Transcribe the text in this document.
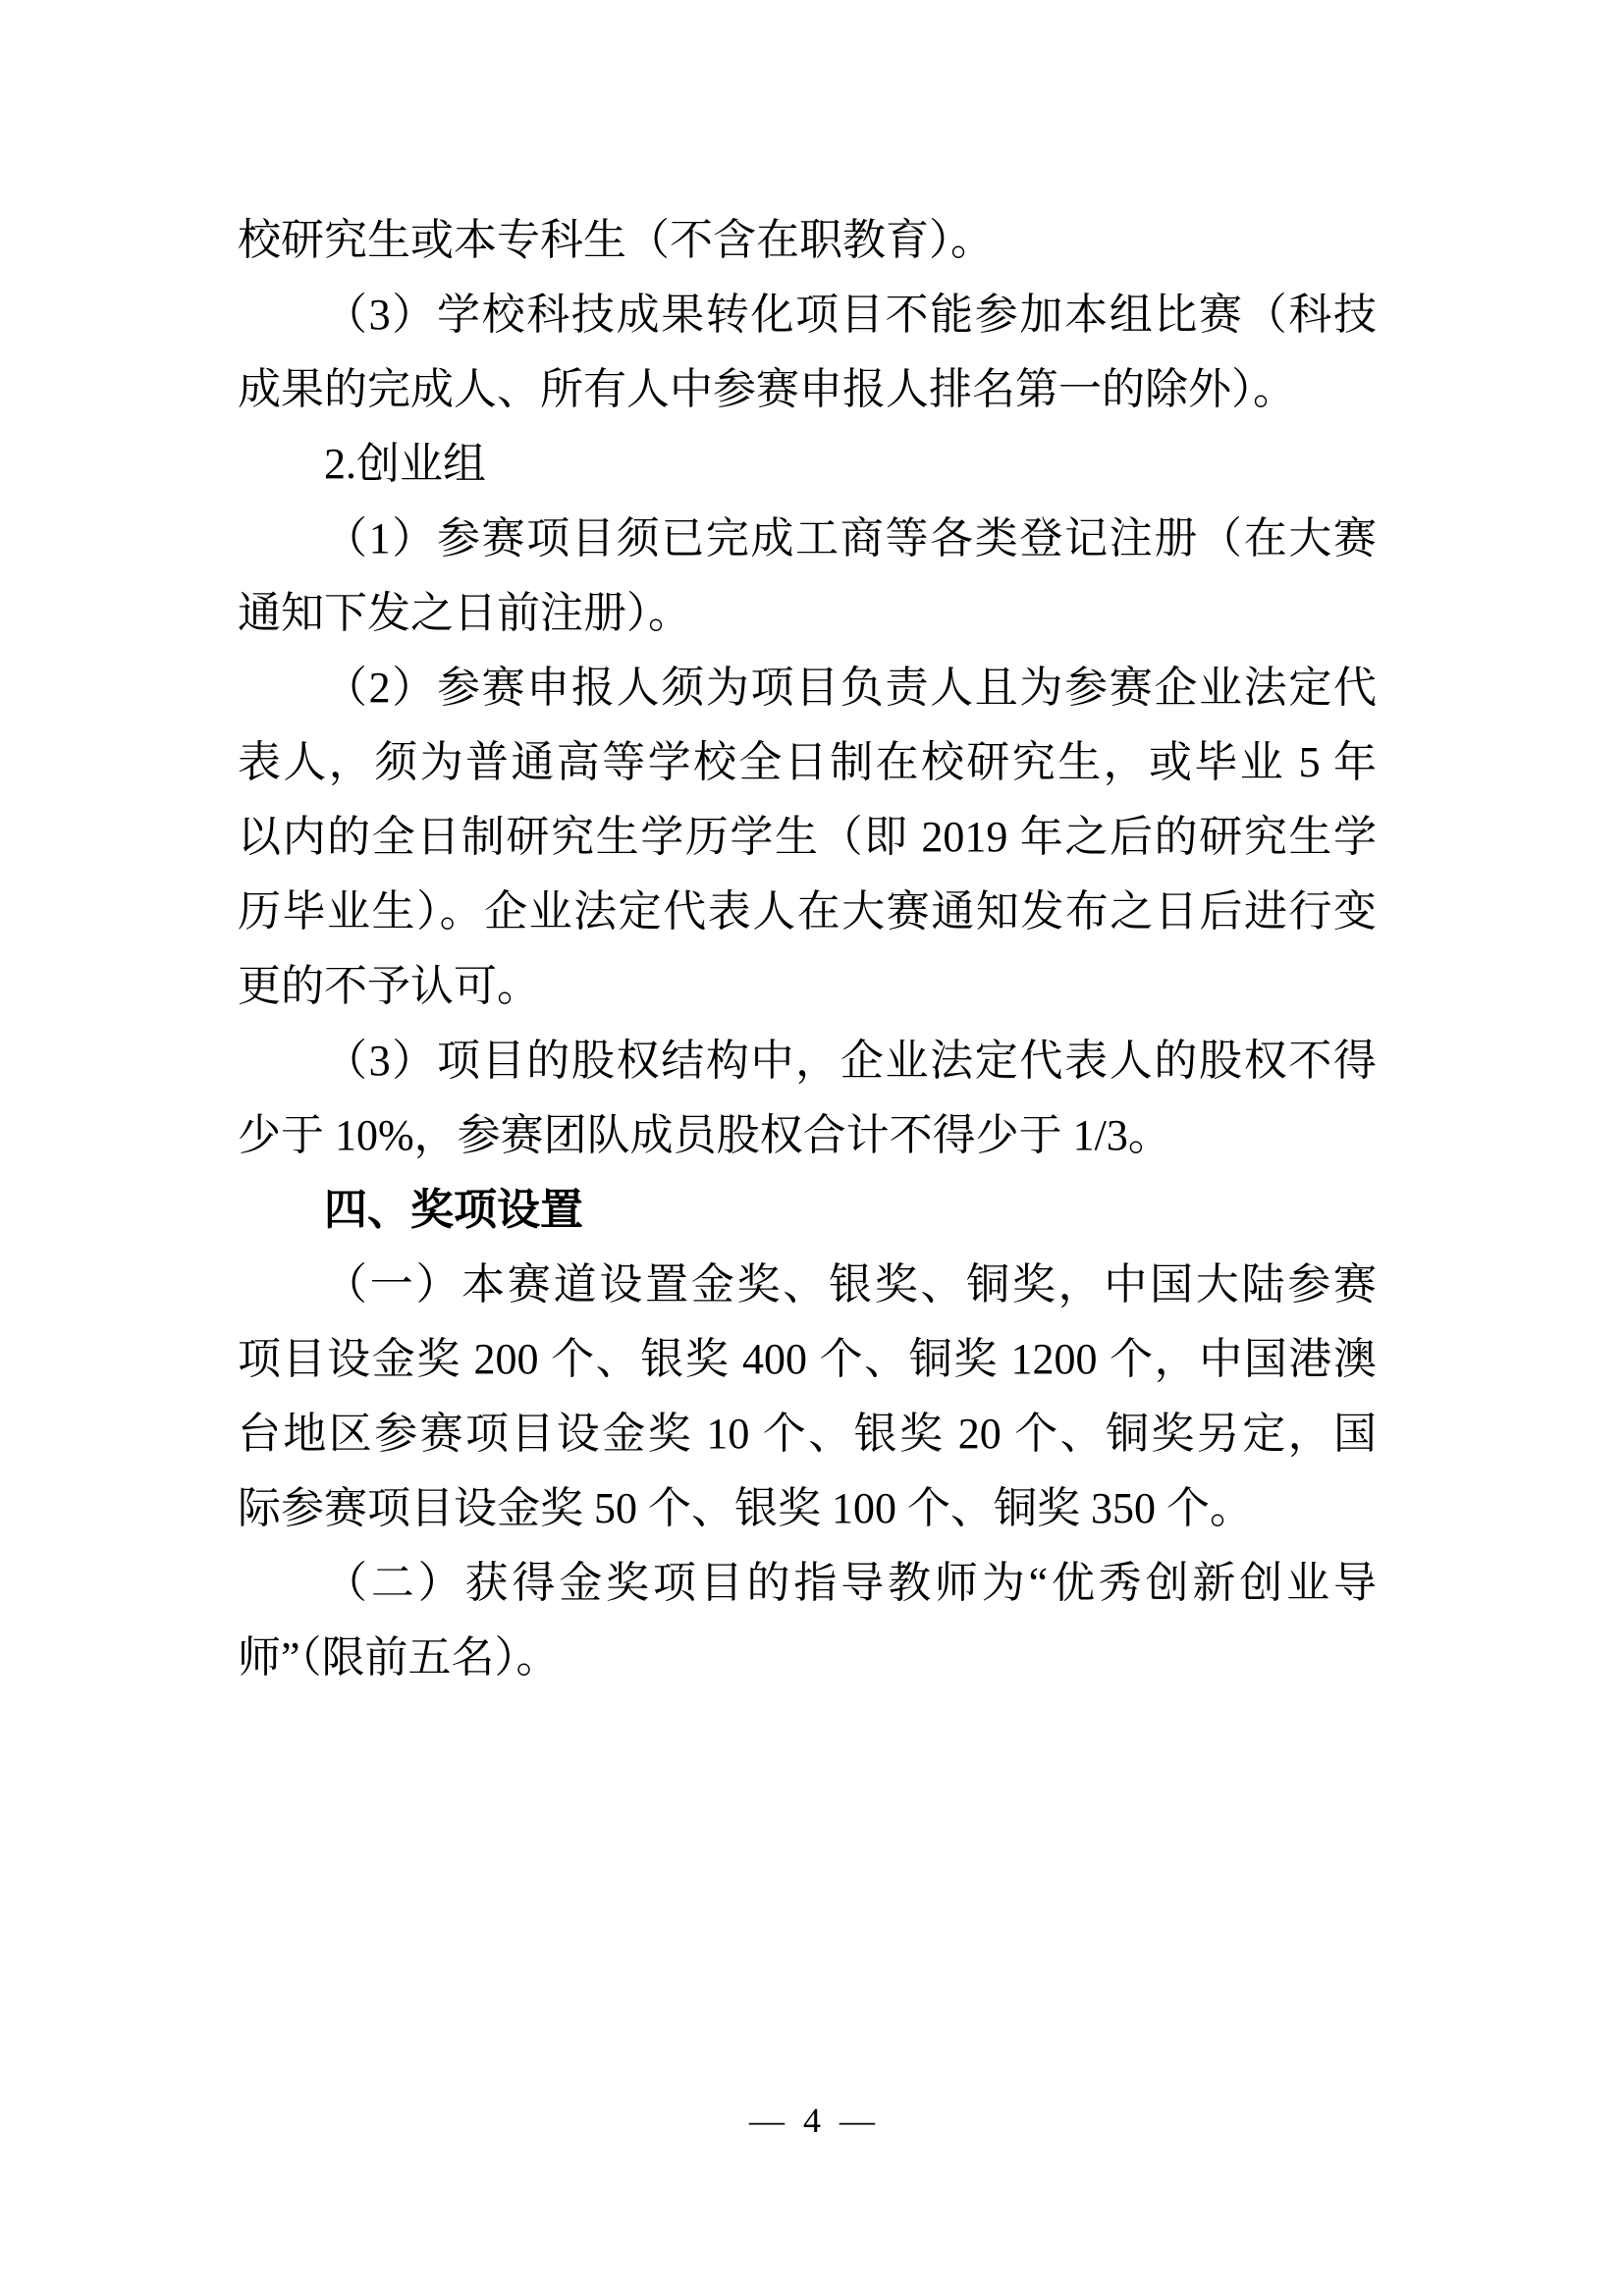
校研究生或本专科生（不含在职教育）。
（3）学校科技成果转化项目不能参加本组比赛（科技
成果的完成人、所有人中参赛申报人排名第一的除外）。
2.创业组
（1）参赛项目须已完成工商等各类登记注册（在大赛
通知下发之日前注册）。
（2）参赛申报人须为项目负责人且为参赛企业法定代
表人，须为普通高等学校全日制在校研究生，或毕业 5 年
以内的全日制研究生学历学生（即 2019 年之后的研究生学
历毕业生）。企业法定代表人在大赛通知发布之日后进行变
更的不予认可。
（3）项目的股权结构中，企业法定代表人的股权不得
少于 10%，参赛团队成员股权合计不得少于 1/3。
四、奖项设置
（一）本赛道设置金奖、银奖、铜奖，中国大陆参赛
项目设金奖 200 个、银奖 400 个、铜奖 1200 个，中国港澳
台地区参赛项目设金奖 10 个、银奖 20 个、铜奖另定，国
际参赛项目设金奖 50 个、银奖 100 个、铜奖 350 个。
（二）获得金奖项目的指导教师为“优秀创新创业导
师”（限前五名）。
— 4 —
